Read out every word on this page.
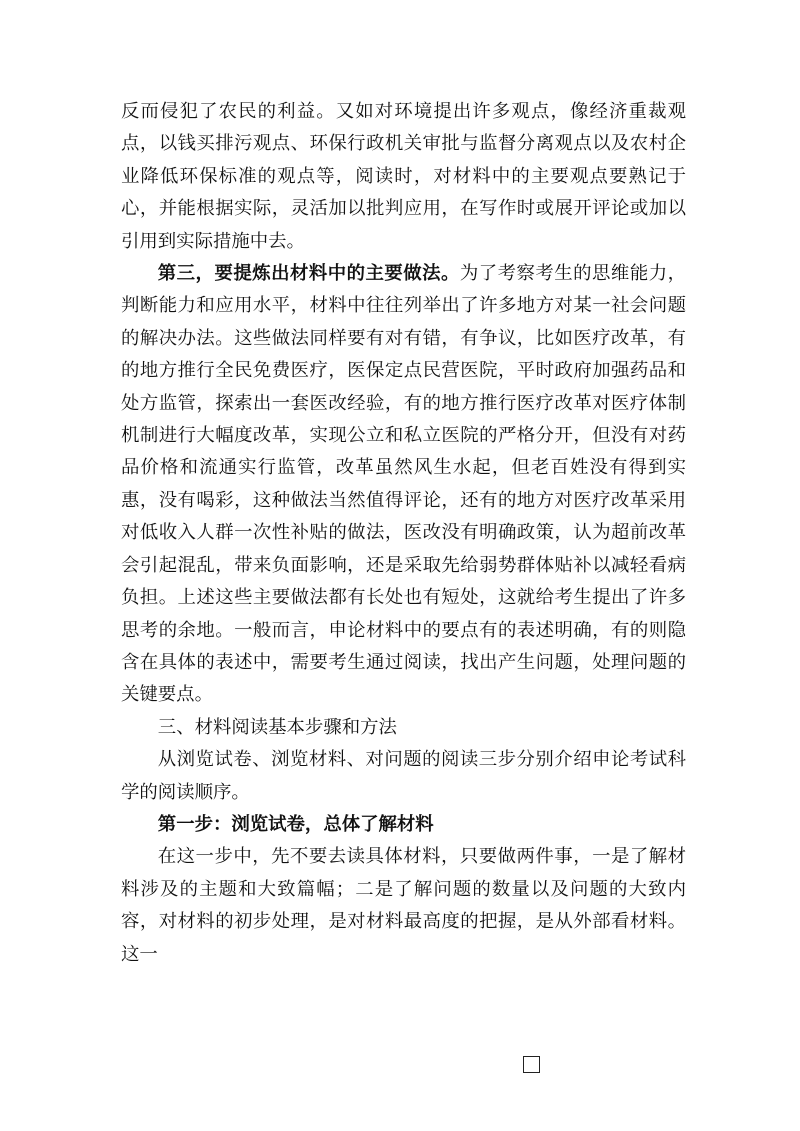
反而侵犯了农民的利益。又如对环境提出许多观点，像经济重裁观点，以钱买排污观点、环保行政机关审批与监督分离观点以及农村企业降低环保标准的观点等，阅读时，对材料中的主要观点要熟记于心，并能根据实际，灵活加以批判应用，在写作时或展开评论或加以引用到实际措施中去。

第三，要提炼出材料中的主要做法。为了考察考生的思维能力，判断能力和应用水平，材料中往往列举出了许多地方对某一社会问题的解决办法。这些做法同样要有对有错，有争议，比如医疗改革，有的地方推行全民免费医疗，医保定点民营医院，平时政府加强药品和处方监管，探索出一套医改经验，有的地方推行医疗改革对医疗体制机制进行大幅度改革，实现公立和私立医院的严格分开，但没有对药品价格和流通实行监管，改革虽然风生水起，但老百姓没有得到实惠，没有喝彩，这种做法当然值得评论，还有的地方对医疗改革采用对低收入人群一次性补贴的做法，医改没有明确政策，认为超前改革会引起混乱，带来负面影响，还是采取先给弱势群体贴补以减轻看病负担。上述这些主要做法都有长处也有短处，这就给考生提出了许多思考的余地。一般而言，申论材料中的要点有的表述明确，有的则隐含在具体的表述中，需要考生通过阅读，找出产生问题，处理问题的关键要点。

三、材料阅读基本步骤和方法

从浏览试卷、浏览材料、对问题的阅读三步分别介绍申论考试科学的阅读顺序。

第一步：浏览试卷，总体了解材料

在这一步中，先不要去读具体材料，只要做两件事，一是了解材料涉及的主题和大致篇幅；二是了解问题的数量以及问题的大致内容，对材料的初步处理，是对材料最高度的把握，是从外部看材料。这一
